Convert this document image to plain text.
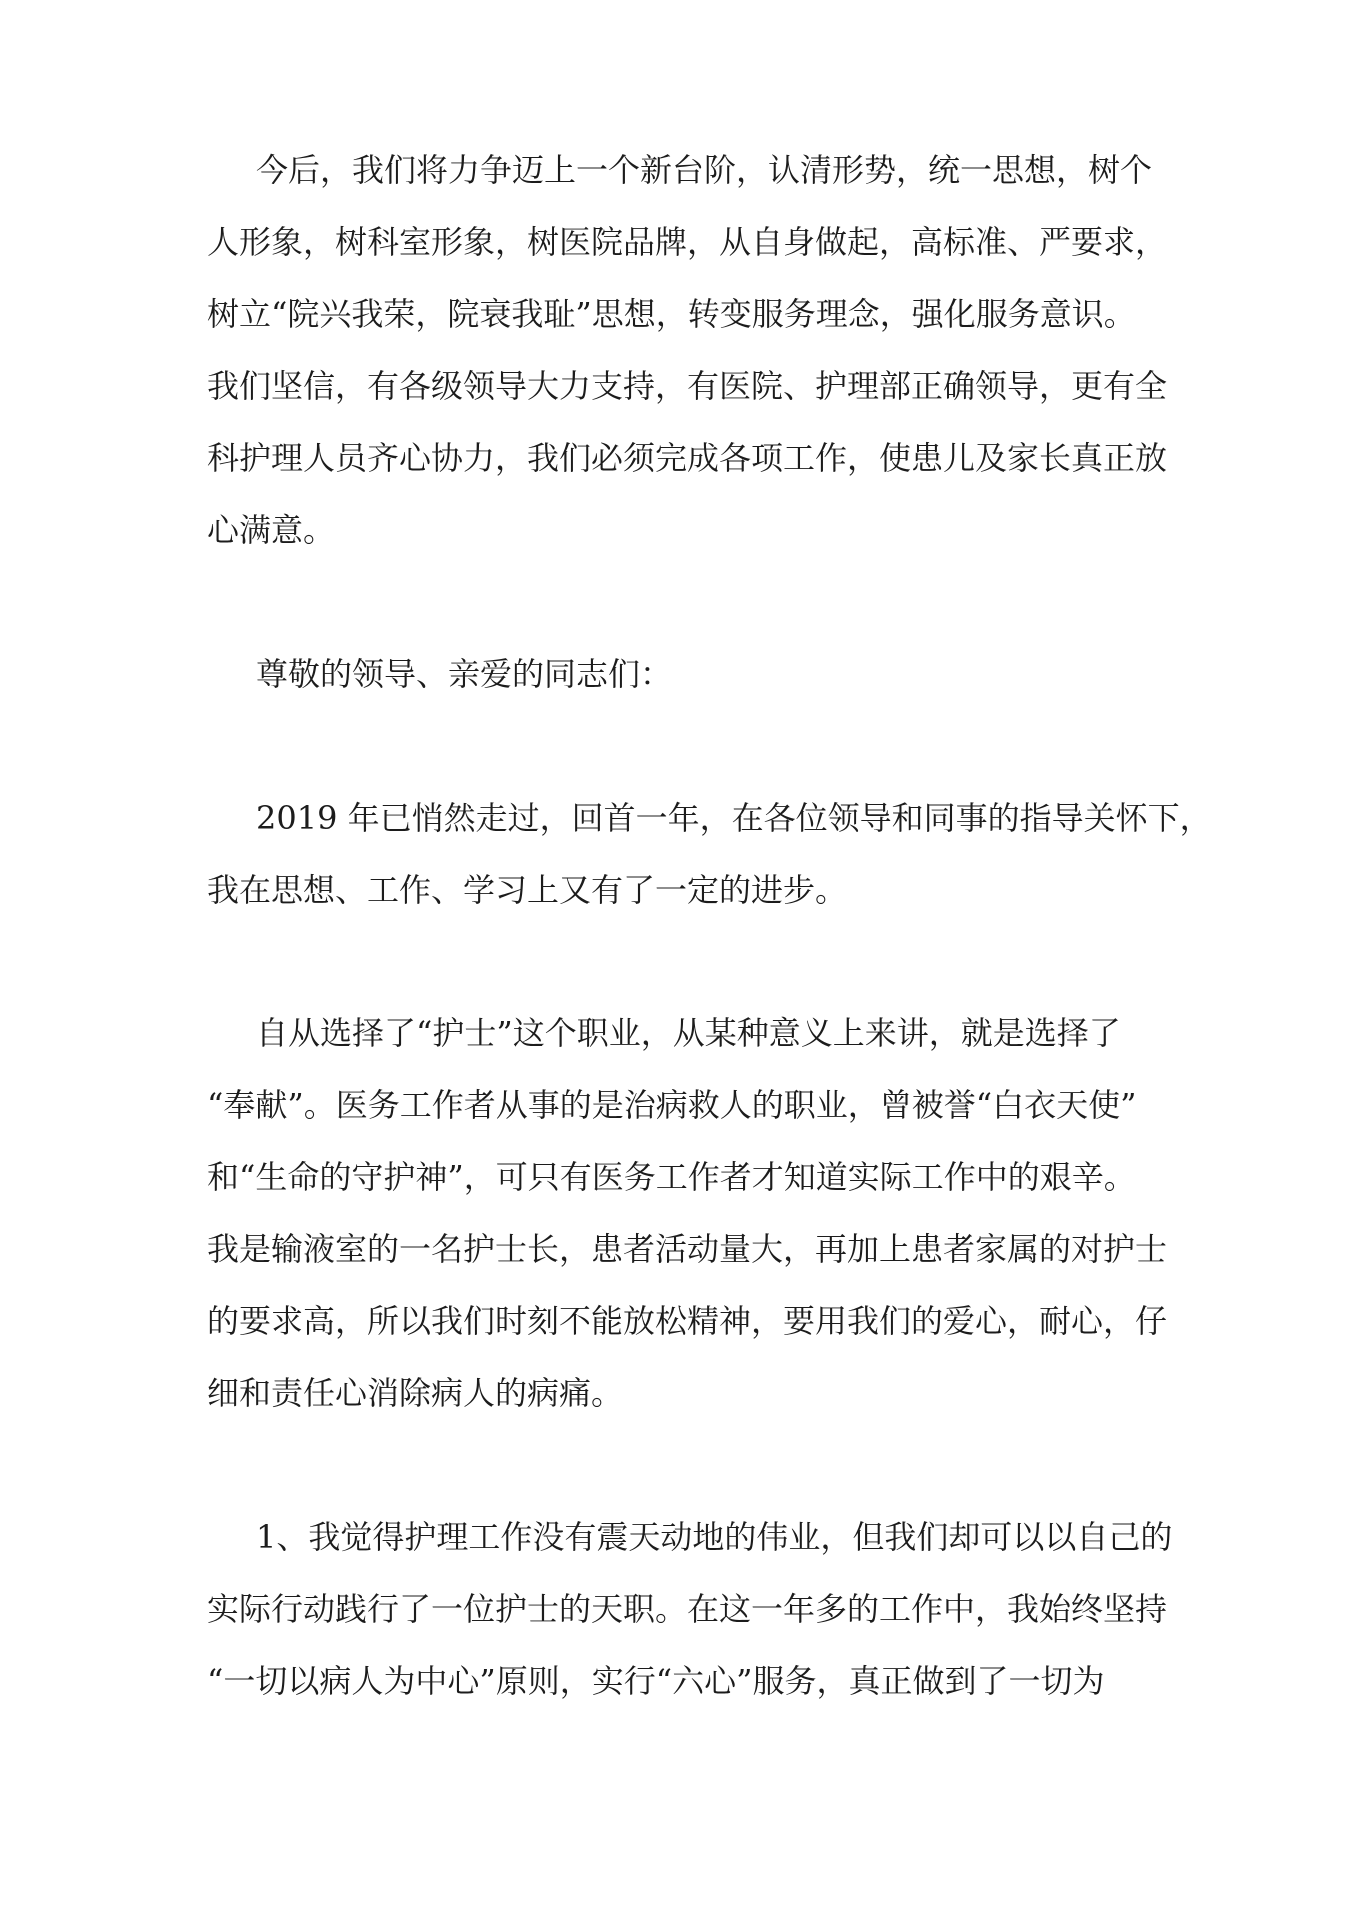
今后，我们将力争迈上一个新台阶，认清形势，统一思想，树个
人形象，树科室形象，树医院品牌，从自身做起，高标准、严要求，
树立“院兴我荣，院衰我耻”思想，转变服务理念，强化服务意识。
我们坚信，有各级领导大力支持，有医院、护理部正确领导，更有全
科护理人员齐心协力，我们必须完成各项工作，使患儿及家长真正放
心满意。
尊敬的领导、亲爱的同志们：
2019 年已悄然走过，回首一年，在各位领导和同事的指导关怀下，
我在思想、工作、学习上又有了一定的进步。
自从选择了“护士”这个职业，从某种意义上来讲，就是选择了
“奉献”。医务工作者从事的是治病救人的职业，曾被誉“白衣天使”
和“生命的守护神”，可只有医务工作者才知道实际工作中的艰辛。
我是输液室的一名护士长，患者活动量大，再加上患者家属的对护士
的要求高，所以我们时刻不能放松精神，要用我们的爱心，耐心，仔
细和责任心消除病人的病痛。
1、我觉得护理工作没有震天动地的伟业，但我们却可以以自己的
实际行动践行了一位护士的天职。在这一年多的工作中，我始终坚持
“一切以病人为中心”原则，实行“六心”服务，真正做到了一切为
